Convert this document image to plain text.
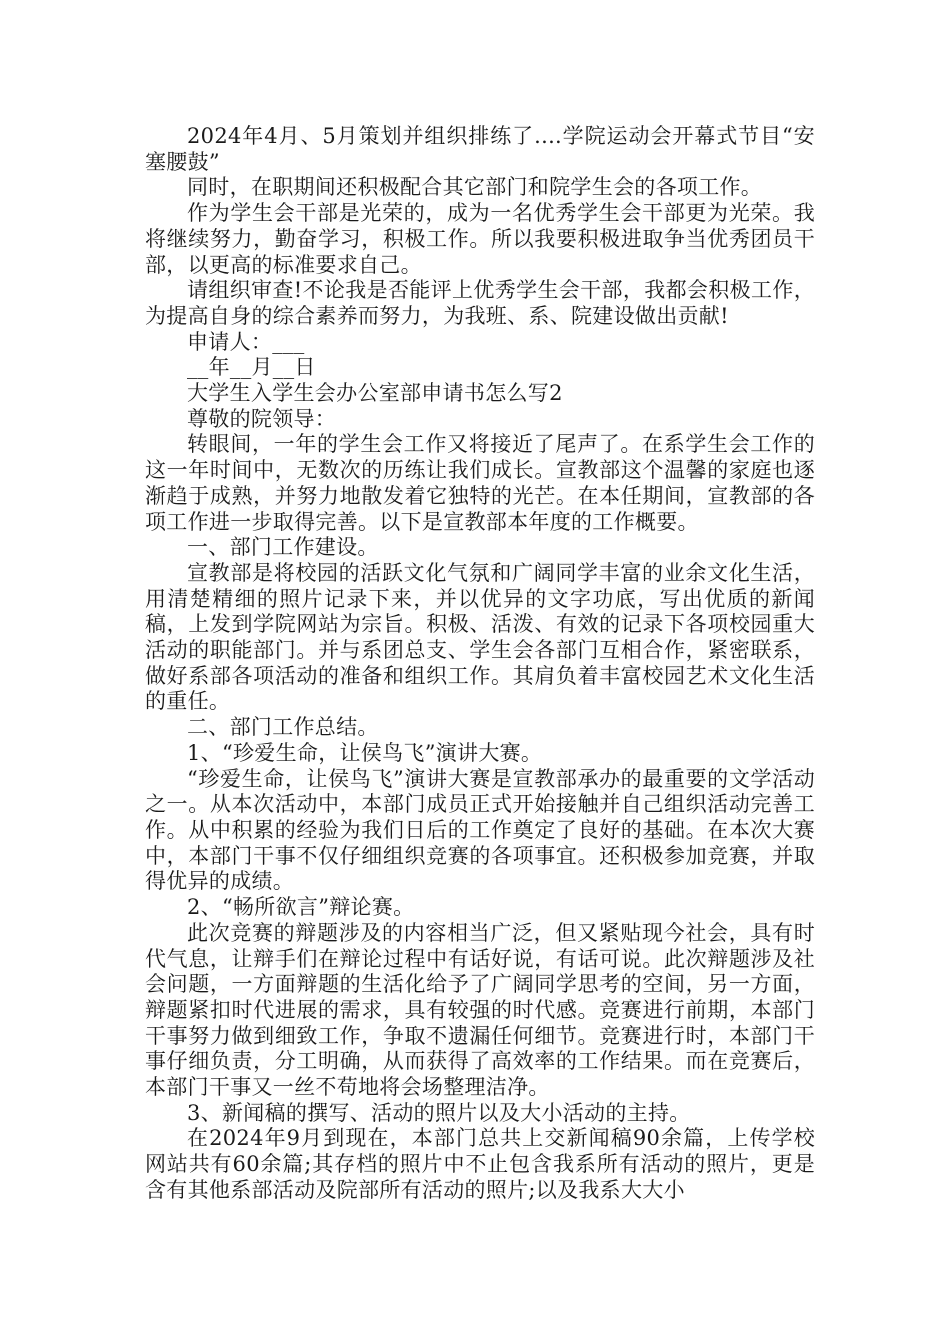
2024年4月、5月策划并组织排练了....学院运动会开幕式节目“安塞腰鼓”

同时，在职期间还积极配合其它部门和院学生会的各项工作。

作为学生会干部是光荣的，成为一名优秀学生会干部更为光荣。我将继续努力，勤奋学习，积极工作。所以我要积极进取争当优秀团员干部，以更高的标准要求自己。

请组织审查!不论我是否能评上优秀学生会干部，我都会积极工作，为提高自身的综合素养而努力，为我班、系、院建设做出贡献!

申请人：___

__年__月__日

大学生入学生会办公室部申请书怎么写2

尊敬的院领导：

转眼间，一年的学生会工作又将接近了尾声了。在系学生会工作的这一年时间中，无数次的历练让我们成长。宣教部这个温馨的家庭也逐渐趋于成熟，并努力地散发着它独特的光芒。在本任期间，宣教部的各项工作进一步取得完善。以下是宣教部本年度的工作概要。

一、部门工作建设。

宣教部是将校园的活跃文化气氛和广阔同学丰富的业余文化生活，用清楚精细的照片记录下来，并以优异的文字功底，写出优质的新闻稿，上发到学院网站为宗旨。积极、活泼、有效的记录下各项校园重大活动的职能部门。并与系团总支、学生会各部门互相合作，紧密联系，做好系部各项活动的准备和组织工作。其肩负着丰富校园艺术文化生活的重任。

二、部门工作总结。

1、“珍爱生命，让侯鸟飞”演讲大赛。

“珍爱生命，让侯鸟飞”演讲大赛是宣教部承办的最重要的文学活动之一。从本次活动中，本部门成员正式开始接触并自己组织活动完善工作。从中积累的经验为我们日后的工作奠定了良好的基础。在本次大赛中，本部门干事不仅仔细组织竞赛的各项事宜。还积极参加竞赛，并取得优异的成绩。

2、“畅所欲言”辩论赛。

此次竞赛的辩题涉及的内容相当广泛，但又紧贴现今社会，具有时代气息，让辩手们在辩论过程中有话好说，有话可说。此次辩题涉及社会问题，一方面辩题的生活化给予了广阔同学思考的空间，另一方面，辩题紧扣时代进展的需求，具有较强的时代感。竞赛进行前期，本部门干事努力做到细致工作，争取不遗漏任何细节。竞赛进行时，本部门干事仔细负责，分工明确，从而获得了高效率的工作结果。而在竞赛后，本部门干事又一丝不苟地将会场整理洁净。

3、新闻稿的撰写、活动的照片以及大小活动的主持。

在2024年9月到现在，本部门总共上交新闻稿90余篇，上传学校网站共有60余篇;其存档的照片中不止包含我系所有活动的照片，更是含有其他系部活动及院部所有活动的照片;以及我系大大小
